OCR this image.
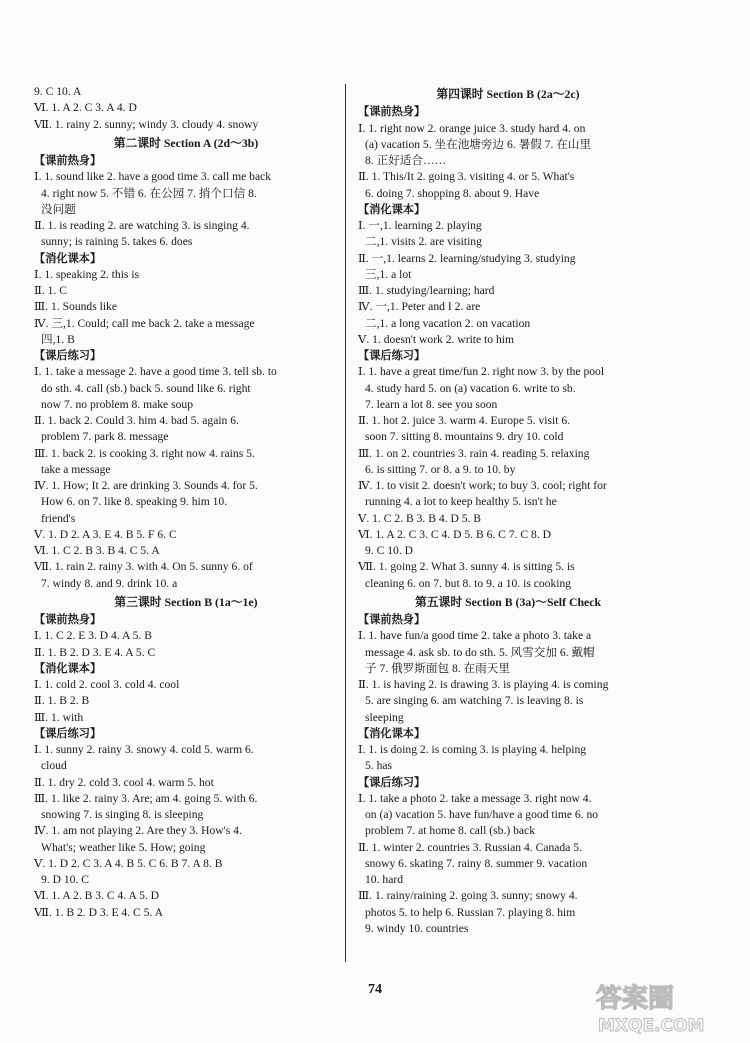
9. C 10. A
Ⅵ. 1. A 2. C 3. A 4. D
Ⅶ. 1. rainy 2. sunny; windy 3. cloudy 4. snowy
第二课时 Section A (2d～3b)
【课前热身】
Ⅰ. 1. sound like 2. have a good time 3. call me back
4. right now 5. 不错 6. 在公园 7. 捎个口信 8.
没问题
Ⅱ. 1. is reading 2. are watching 3. is singing 4.
sunny; is raining 5. takes 6. does
【消化课本】
Ⅰ. 1. speaking 2. this is
Ⅱ. 1. C
Ⅲ. 1. Sounds like
Ⅳ. 三,1. Could; call me back 2. take a message
四,1. B
【课后练习】
Ⅰ. 1. take a message 2. have a good time 3. tell sb. to
do sth. 4. call (sb.) back 5. sound like 6. right
now 7. no problem 8. make soup
Ⅱ. 1. back 2. Could 3. him 4. bad 5. again 6.
problem 7. park 8. message
Ⅲ. 1. back 2. is cooking 3. right now 4. rains 5.
take a message
Ⅳ. 1. How; It 2. are drinking 3. Sounds 4. for 5.
How 6. on 7. like 8. speaking 9. him 10.
friend's
Ⅴ. 1. D 2. A 3. E 4. B 5. F 6. C
Ⅵ. 1. C 2. B 3. B 4. C 5. A
Ⅶ. 1. rain 2. rainy 3. with 4. On 5. sunny 6. of
7. windy 8. and 9. drink 10. a
第三课时 Section B (1a～1e)
【课前热身】
Ⅰ. 1. C 2. E 3. D 4. A 5. B
Ⅱ. 1. B 2. D 3. E 4. A 5. C
【消化课本】
Ⅰ. 1. cold 2. cool 3. cold 4. cool
Ⅱ. 1. B 2. B
Ⅲ. 1. with
【课后练习】
Ⅰ. 1. sunny 2. rainy 3. snowy 4. cold 5. warm 6.
cloud
Ⅱ. 1. dry 2. cold 3. cool 4. warm 5. hot
Ⅲ. 1. like 2. rainy 3. Are; am 4. going 5. with 6.
snowing 7. is singing 8. is sleeping
Ⅳ. 1. am not playing 2. Are they 3. How's 4.
What's; weather like 5. How; going
Ⅴ. 1. D 2. C 3. A 4. B 5. C 6. B 7. A 8. B
9. D 10. C
Ⅵ. 1. A 2. B 3. C 4. A 5. D
Ⅶ. 1. B 2. D 3. E 4. C 5. A
第四课时 Section B (2a～2c)
【课前热身】
Ⅰ. 1. right now 2. orange juice 3. study hard 4. on
(a) vacation 5. 坐在池塘旁边 6. 暑假 7. 在山里
8. 正好适合……
Ⅱ. 1. This/It 2. going 3. visiting 4. or 5. What's
6. doing 7. shopping 8. about 9. Have
【消化课本】
Ⅰ. 一,1. learning 2. playing
二,1. visits 2. are visiting
Ⅱ. 一,1. learns 2. learning/studying 3. studying
三,1. a lot
Ⅲ. 1. studying/learning; hard
Ⅳ. 一,1. Peter and I 2. are
二,1. a long vacation 2. on vacation
Ⅴ. 1. doesn't work 2. write to him
【课后练习】
Ⅰ. 1. have a great time/fun 2. right now 3. by the pool
4. study hard 5. on (a) vacation 6. write to sb.
7. learn a lot 8. see you soon
Ⅱ. 1. hot 2. juice 3. warm 4. Europe 5. visit 6.
soon 7. sitting 8. mountains 9. dry 10. cold
Ⅲ. 1. on 2. countries 3. rain 4. reading 5. relaxing
6. is sitting 7. or 8. a 9. to 10. by
Ⅳ. 1. to visit 2. doesn't work; to buy 3. cool; right for
running 4. a lot to keep healthy 5. isn't he
Ⅴ. 1. C 2. B 3. B 4. D 5. B
Ⅵ. 1. A 2. C 3. C 4. D 5. B 6. C 7. C 8. D
9. C 10. D
Ⅶ. 1. going 2. What 3. sunny 4. is sitting 5. is
cleaning 6. on 7. but 8. to 9. a 10. is cooking
第五课时 Section B (3a)～Self Check
【课前热身】
Ⅰ. 1. have fun/a good time 2. take a photo 3. take a
message 4. ask sb. to do sth. 5. 风雪交加 6. 戴帽
子 7. 俄罗斯面包 8. 在雨天里
Ⅱ. 1. is having 2. is drawing 3. is playing 4. is coming
5. are singing 6. am watching 7. is leaving 8. is
sleeping
【消化课本】
Ⅰ. 1. is doing 2. is coming 3. is playing 4. helping
5. has
【课后练习】
Ⅰ. 1. take a photo 2. take a message 3. right now 4.
on (a) vacation 5. have fun/have a good time 6. no
problem 7. at home 8. call (sb.) back
Ⅱ. 1. winter 2. countries 3. Russian 4. Canada 5.
snowy 6. skating 7. rainy 8. summer 9. vacation
10. hard
Ⅲ. 1. rainy/raining 2. going 3. sunny; snowy 4.
photos 5. to help 6. Russian 7. playing 8. him
9. windy 10. countries
74	答案圈
MXQE.COM
